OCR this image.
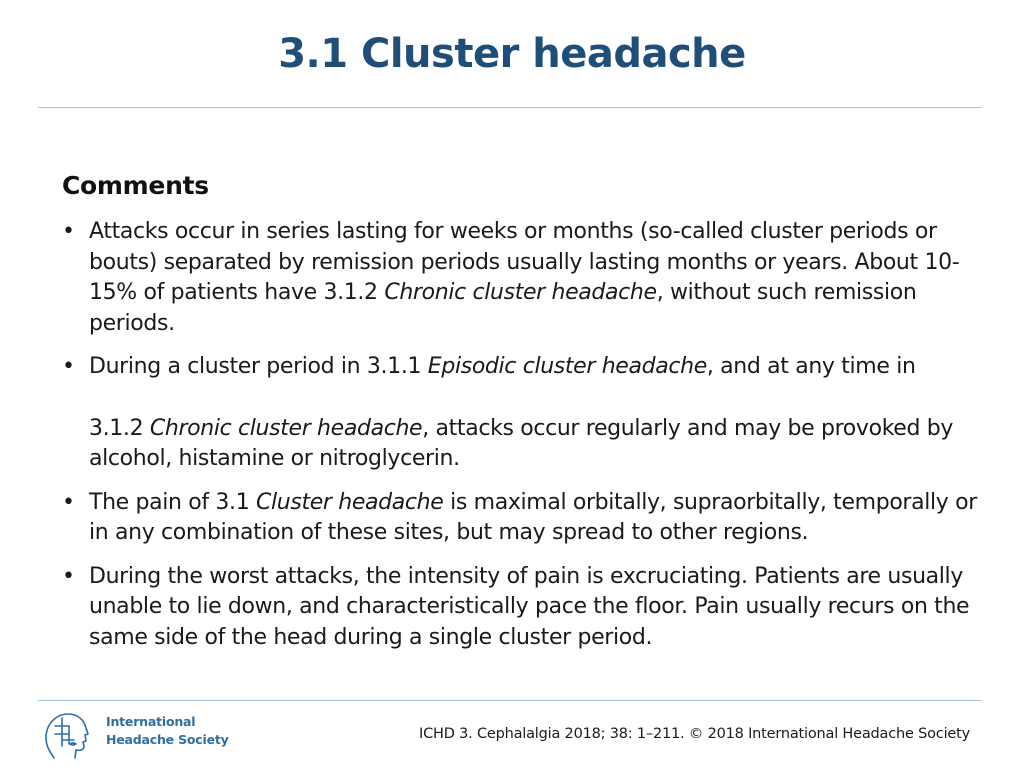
3.1 Cluster headache
Comments
• Attacks occur in series lasting for weeks or months (so-called cluster periods or bouts) separated by remission periods usually lasting months or years. About 10-15% of patients have 3.1.2 Chronic cluster headache, without such remission periods.
• During a cluster period in 3.1.1 Episodic cluster headache, and at any time in
3.1.2 Chronic cluster headache, attacks occur regularly and may be provoked by alcohol, histamine or nitroglycerin.
• The pain of 3.1 Cluster headache is maximal orbitally, supraorbitally, temporally or in any combination of these sites, but may spread to other regions.
• During the worst attacks, the intensity of pain is excruciating. Patients are usually unable to lie down, and characteristically pace the floor. Pain usually recurs on the same side of the head during a single cluster period.
International
Headache Society	ICHD 3. Cephalalgia 2018; 38: 1–211. © 2018 International Headache Society
